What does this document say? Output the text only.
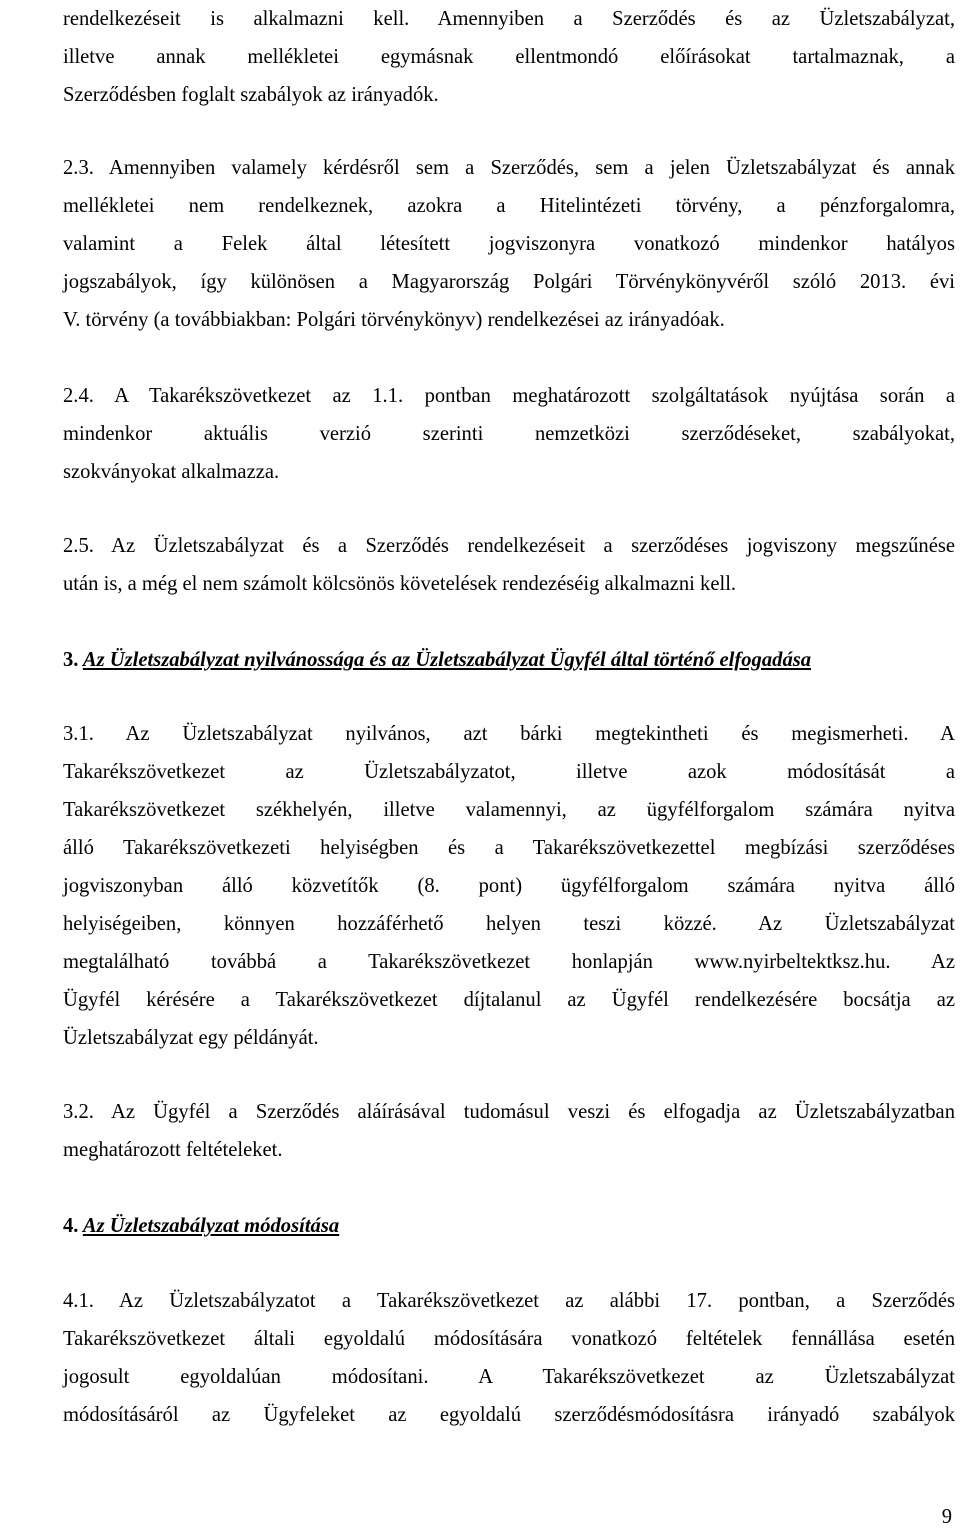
rendelkezéseit is alkalmazni kell. Amennyiben a Szerződés és az Üzletszabályzat,
illetve annak mellékletei egymásnak ellentmondó előírásokat tartalmaznak, a
Szerződésben foglalt szabályok az irányadók.
2.3. Amennyiben valamely kérdésről sem a Szerződés, sem a jelen Üzletszabályzat és annak
mellékletei nem rendelkeznek, azokra a Hitelintézeti törvény, a pénzforgalomra,
valamint a Felek által létesített jogviszonyra vonatkozó mindenkor hatályos
jogszabályok, így különösen a Magyarország Polgári Törvénykönyvéről szóló 2013. évi
V. törvény (a továbbiakban: Polgári törvénykönyv) rendelkezései az irányadóak.
2.4. A Takarékszövetkezet az 1.1. pontban meghatározott szolgáltatások nyújtása során a
mindenkor aktuális verzió szerinti nemzetközi szerződéseket, szabályokat,
szokványokat alkalmazza.
2.5. Az Üzletszabályzat és a Szerződés rendelkezéseit a szerződéses jogviszony megszűnése
után is, a még el nem számolt kölcsönös követelések rendezéséig alkalmazni kell.
3. Az Üzletszabályzat nyilvánossága és az Üzletszabályzat Ügyfél által történő elfogadása
3.1. Az Üzletszabályzat nyilvános, azt bárki megtekintheti és megismerheti. A
Takarékszövetkezet az Üzletszabályzatot, illetve azok módosítását a
Takarékszövetkezet székhelyén, illetve valamennyi, az ügyfélforgalom számára nyitva
álló Takarékszövetkezeti helyiségben és a Takarékszövetkezettel megbízási szerződéses
jogviszonyban álló közvetítők (8. pont) ügyfélforgalom számára nyitva álló
helyiségeiben, könnyen hozzáférhető helyen teszi közzé. Az Üzletszabályzat
megtalálható továbbá a Takarékszövetkezet honlapján www.nyirbeltektksz.hu. Az
Ügyfél kérésére a Takarékszövetkezet díjtalanul az Ügyfél rendelkezésére bocsátja az
Üzletszabályzat egy példányát.
3.2. Az Ügyfél a Szerződés aláírásával tudomásul veszi és elfogadja az Üzletszabályzatban
meghatározott feltételeket.
4. Az Üzletszabályzat módosítása
4.1. Az Üzletszabályzatot a Takarékszövetkezet az alábbi 17. pontban, a Szerződés
Takarékszövetkezet általi egyoldalú módosítására vonatkozó feltételek fennállása esetén
jogosult egyoldalúan módosítani. A Takarékszövetkezet az Üzletszabályzat
módosításáról az Ügyfeleket az egyoldalú szerződésmódosításra irányadó szabályok
9
